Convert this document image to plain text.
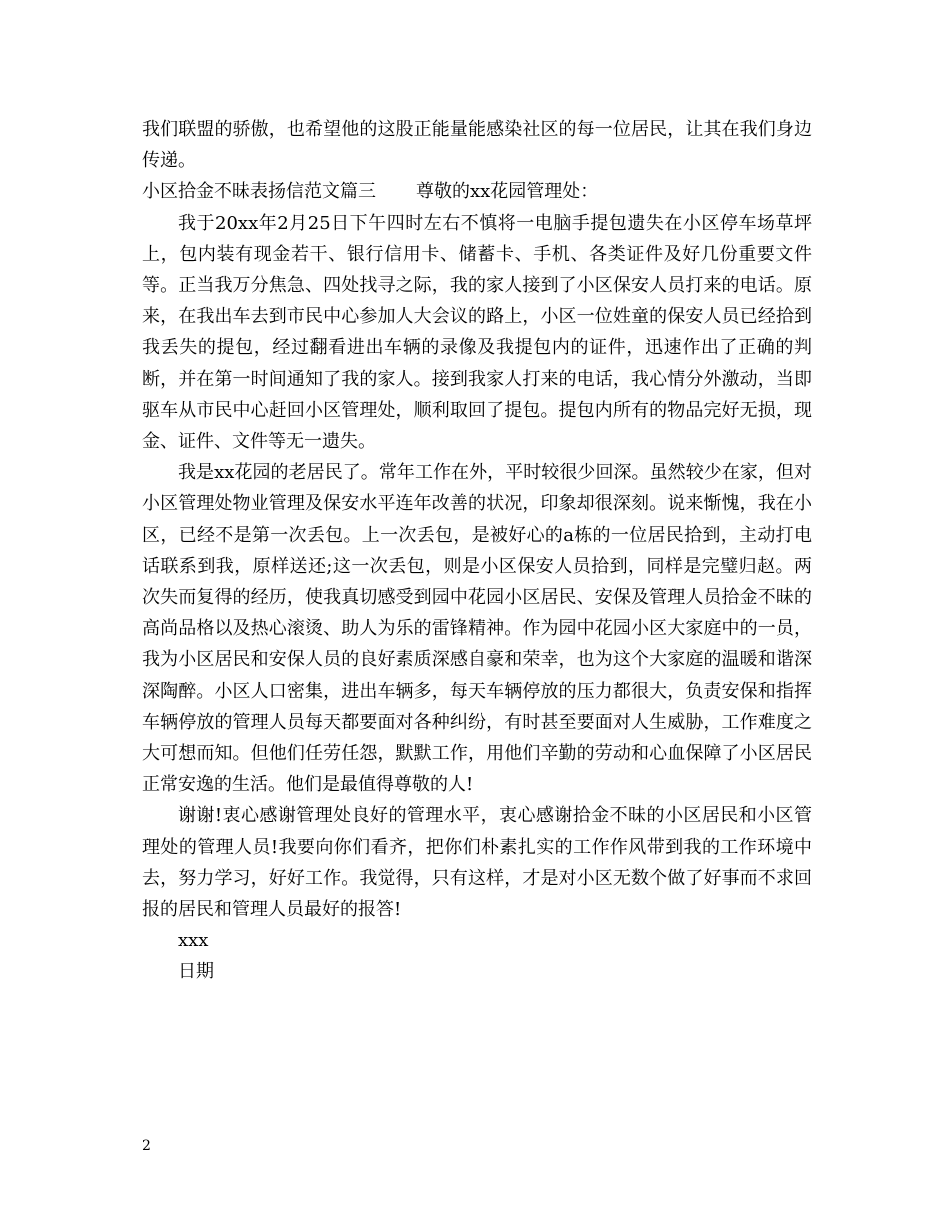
我们联盟的骄傲，也希望他的这股正能量能感染社区的每一位居民，让其在我们身边传递。

小区拾金不昧表扬信范文篇三 尊敬的xx花园管理处：

我于20xx年2月25日下午四时左右不慎将一电脑手提包遗失在小区停车场草坪上，包内装有现金若干、银行信用卡、储蓄卡、手机、各类证件及好几份重要文件等。正当我万分焦急、四处找寻之际，我的家人接到了小区保安人员打来的电话。原来，在我出车去到市民中心参加人大会议的路上，小区一位姓童的保安人员已经拾到我丢失的提包，经过翻看进出车辆的录像及我提包内的证件，迅速作出了正确的判断，并在第一时间通知了我的家人。接到我家人打来的电话，我心情分外激动，当即驱车从市民中心赶回小区管理处，顺利取回了提包。提包内所有的物品完好无损，现金、证件、文件等无一遗失。

我是xx花园的老居民了。常年工作在外，平时较很少回深。虽然较少在家，但对小区管理处物业管理及保安水平连年改善的状况，印象却很深刻。说来惭愧，我在小区，已经不是第一次丢包。上一次丢包，是被好心的a栋的一位居民拾到，主动打电话联系到我，原样送还;这一次丢包，则是小区保安人员拾到，同样是完璧归赵。两次失而复得的经历，使我真切感受到园中花园小区居民、安保及管理人员拾金不昧的高尚品格以及热心滚烫、助人为乐的雷锋精神。作为园中花园小区大家庭中的一员，我为小区居民和安保人员的良好素质深感自豪和荣幸，也为这个大家庭的温暖和谐深深陶醉。小区人口密集，进出车辆多，每天车辆停放的压力都很大，负责安保和指挥车辆停放的管理人员每天都要面对各种纠纷，有时甚至要面对人生威胁，工作难度之大可想而知。但他们任劳任怨，默默工作，用他们辛勤的劳动和心血保障了小区居民正常安逸的生活。他们是最值得尊敬的人!

谢谢!衷心感谢管理处良好的管理水平，衷心感谢拾金不昧的小区居民和小区管理处的管理人员!我要向你们看齐，把你们朴素扎实的工作作风带到我的工作环境中去，努力学习，好好工作。我觉得，只有这样，才是对小区无数个做了好事而不求回报的居民和管理人员最好的报答!

xxx

日期

2
